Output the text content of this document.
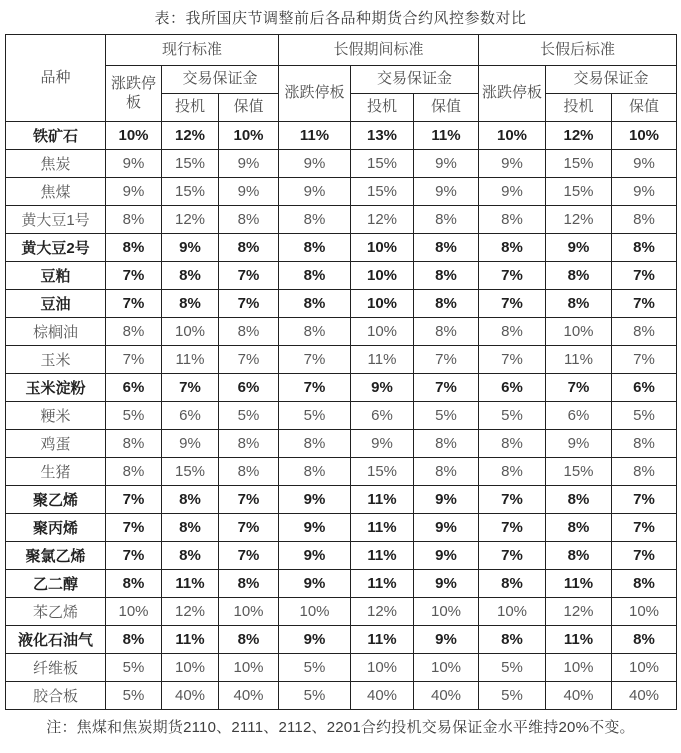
表：我所国庆节调整前后各品种期货合约风控参数对比
品种	现行标准			长假期间标准			长假后标准		
	涨跌停板	交易保证金		涨跌停板	交易保证金		涨跌停板	交易保证金	
		投机	保值		投机	保值		投机	保值
铁矿石	10%	12%	10%	11%	13%	11%	10%	12%	10%
焦炭	9%	15%	9%	9%	15%	9%	9%	15%	9%
焦煤	9%	15%	9%	9%	15%	9%	9%	15%	9%
黄大豆1号	8%	12%	8%	8%	12%	8%	8%	12%	8%
黄大豆2号	8%	9%	8%	8%	10%	8%	8%	9%	8%
豆粕	7%	8%	7%	8%	10%	8%	7%	8%	7%
豆油	7%	8%	7%	8%	10%	8%	7%	8%	7%
棕榈油	8%	10%	8%	8%	10%	8%	8%	10%	8%
玉米	7%	11%	7%	7%	11%	7%	7%	11%	7%
玉米淀粉	6%	7%	6%	7%	9%	7%	6%	7%	6%
粳米	5%	6%	5%	5%	6%	5%	5%	6%	5%
鸡蛋	8%	9%	8%	8%	9%	8%	8%	9%	8%
生猪	8%	15%	8%	8%	15%	8%	8%	15%	8%
聚乙烯	7%	8%	7%	9%	11%	9%	7%	8%	7%
聚丙烯	7%	8%	7%	9%	11%	9%	7%	8%	7%
聚氯乙烯	7%	8%	7%	9%	11%	9%	7%	8%	7%
乙二醇	8%	11%	8%	9%	11%	9%	8%	11%	8%
苯乙烯	10%	12%	10%	10%	12%	10%	10%	12%	10%
液化石油气	8%	11%	8%	9%	11%	9%	8%	11%	8%
纤维板	5%	10%	10%	5%	10%	10%	5%	10%	10%
胶合板	5%	40%	40%	5%	40%	40%	5%	40%	40%
注：焦煤和焦炭期货2110、2111、2112、2201合约投机交易保证金水平维持20%不变。
